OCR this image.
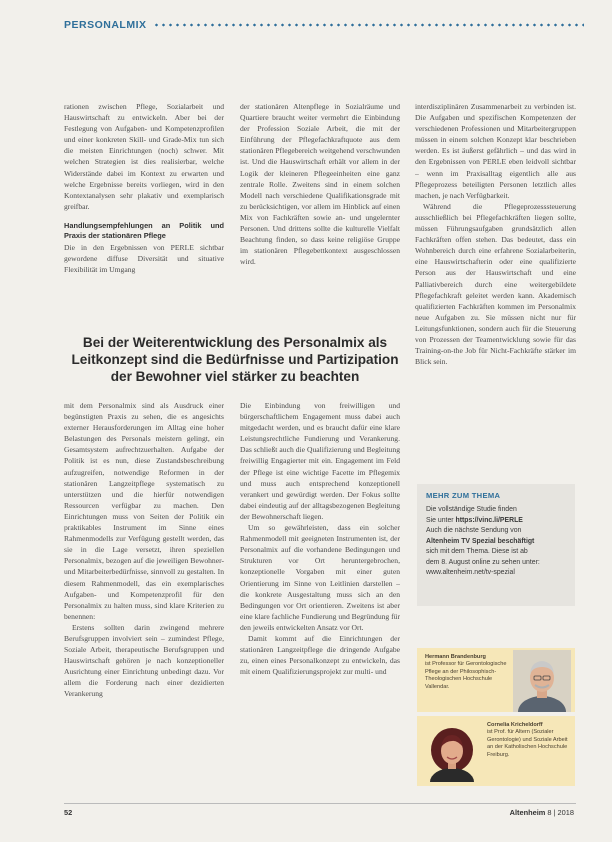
PERSONALMIX

rationen zwischen Pflege, Sozialarbeit und Hauswirtschaft zu entwickeln. Aber bei der Festlegung von Aufgaben- und Kompetenzprofilen und einer konkreten Skill- und Grade-Mix tun sich die meisten Einrichtungen (noch) schwer. Mit welchen Strategien ist dies realisierbar, welche Widerstände dabei im Kontext zu erwarten und welche Ergebnisse bereits vorliegen, wird in den Kontextanalysen sehr plakativ und exemplarisch greifbar.

Handlungsempfehlungen an Politik und Praxis der stationären Pflege

Die in den Ergebnissen von PERLE sichtbar gewordene diffuse Diversität und situative Flexibilität im Umgang

der stationären Altenpflege in Sozialräume und Quartiere braucht weiter vermehrt die Einbindung der Profession Soziale Arbeit, die mit der Einführung der Pflegefachkraftquote aus dem stationären Pflegebereich weitgehend verschwunden ist. Und die Hauswirtschaft erhält vor allem in der Logik der kleineren Pflegeeinheiten eine ganz zentrale Rolle. Zweitens sind in einem solchen Modell nach verschiedene Qualifikationsgrade mit zu berücksichtigen, vor allem im Hinblick auf einen Mix von Fachkräften sowie an- und ungelernter Personen. Und drittens sollte die kulturelle Vielfalt Beachtung finden, so dass keine religiöse Gruppe im stationären Pflegebettkontext ausgeschlossen wird.

interdisziplinären Zusammenarbeit zu verbinden ist. Die Aufgaben und spezifischen Kompetenzen der verschiedenen Professionen und Mitarbeitergruppen müssen in einem solchen Konzept klar beschrieben werden. Es ist äußerst gefährlich – und das wird in den Ergebnissen von PERLE eben leidvoll sichtbar – wenn im Praxisalltag eigentlich alle aus Pflegeprozess beteiligten Personen letztlich alles machen, je nach Verfügbarkeit.

Während die Pflegeprozesssteuerung ausschließlich bei Pflegefachkräften liegen sollte, müssen Führungsaufgaben grundsätzlich allen Fachkräften offen stehen. Das bedeutet, dass ein Wohnbereich durch eine erfahrene Sozialarbeiterin, eine Hauswirtschafterin oder eine qualifizierte Person aus der Hauswirtschaft und eine Palliativbereich durch eine weitergebildete Pflegefachkraft geleitet werden kann. Akademisch qualifizierten Fachkräften kommen im Personalmix neue Aufgaben zu. Sie müssen nicht nur für Leitungsfunktionen, sondern auch für die Steuerung von Prozessen der Teamentwicklung sowie für das Training-on-the Job für Nicht-Fachkräfte stärker im Blick sein.

Bei der Weiterentwicklung des Personalmix als Leitkonzept sind die Bedürfnisse und Partizipation der Bewohner viel stärker zu beachten

mit dem Personalmix sind als Ausdruck einer begünstigten Praxis zu sehen, die es angesichts externer Herausforderungen im Alltag eine hoher Belastungen des Personals meistern gelingt, ein Gesamtsystem aufrechtzuerhalten. Aufgabe der Politik ist es nun, diese Zustandsbeschreibung aufzugreifen, notwendige Reformen in der stationären Langzeitpflege systematisch zu unterstützen und die hierfür notwendigen Ressourcen verfügbar zu machen. Den Einrichtungen muss von Seiten der Politik ein praktikables Instrument im Sinne eines Rahmenmodells zur Verfügung gestellt werden, das sie in die Lage versetzt, ihren speziellen Personalmix, bezogen auf die jeweiligen Bewohner- und Mitarbeiterbedürfnisse, sinnvoll zu gestalten. In diesem Rahmenmodell, das ein exemplarisches Aufgaben- und Kompetenzprofil für den Personalmix zu halten muss, sind klare Kriterien zu benennen:

Erstens sollten darin zwingend mehrere Berufsgruppen involviert sein – zumindest Pflege, Soziale Arbeit, therapeutische Berufsgruppen und Hauswirtschaft gehören je nach konzeptioneller Ausrichtung einer Einrichtung unbedingt dazu. Vor allem die Forderung nach einer dezidierten Verankerung

Die Einbindung von freiwilligen und bürgerschaftlichem Engagement muss dabei auch mitgedacht werden, und es braucht dafür eine klare Leistungsrechtliche Fundierung und Verankerung. Das schließt auch die Qualifizierung und Begleitung freiwillig Engagierter mit ein. Engagement im Feld der Pflege ist eine wichtige Facette im Pflegemix und muss auch entsprechend konzeptionell verankert und gewürdigt werden. Der Fokus sollte dabei eindeutig auf der alltagsbezogenen Begleitung der Bewohnerschaft liegen.

Um so gewährleisten, dass ein solcher Rahmenmodell mit geeigneten Instrumenten ist, der Personalmix auf die vorhandene Bedingungen und Strukturen vor Ort heruntergebrochen, konzeptionelle Vorgaben mit einer guten Orientierung im Sinne von Leitlinien darstellen – die konkrete Ausgestaltung muss sich an den Bedingungen vor Ort orientieren. Zweitens ist aber eine klare fachliche Fundierung und Begründung für den jeweils entwickelten Ansatz vor Ort.

Damit kommt auf die Einrichtungen der stationären Langzeitpflege die dringende Aufgabe zu, einen eines Personalkonzept zu entwickeln, das mit einem Qualifizierungsprojekt zur multi- und

MEHR ZUM THEMA
Die vollständige Studie finden
Sie unter https://vinc.li/PERLE
Auch die nächste Sendung von
Altenheim TV Spezial beschäftigt
sich mit dem Thema. Diese ist ab
dem 8. August online zu sehen unter:
www.altenheim.net/tv-spezial
Hermann Brandenburg
ist Professor für Gerontologische Pflege an der Philosophisch-Theologischen Hochschule Vallendar.
Cornelia Kricheldorff
ist Prof. für Altern (Sozialer Gerontologie) und Soziale Arbeit an der Katholischen Hochschule Freiburg.
52	Altenheim 8 | 2018
